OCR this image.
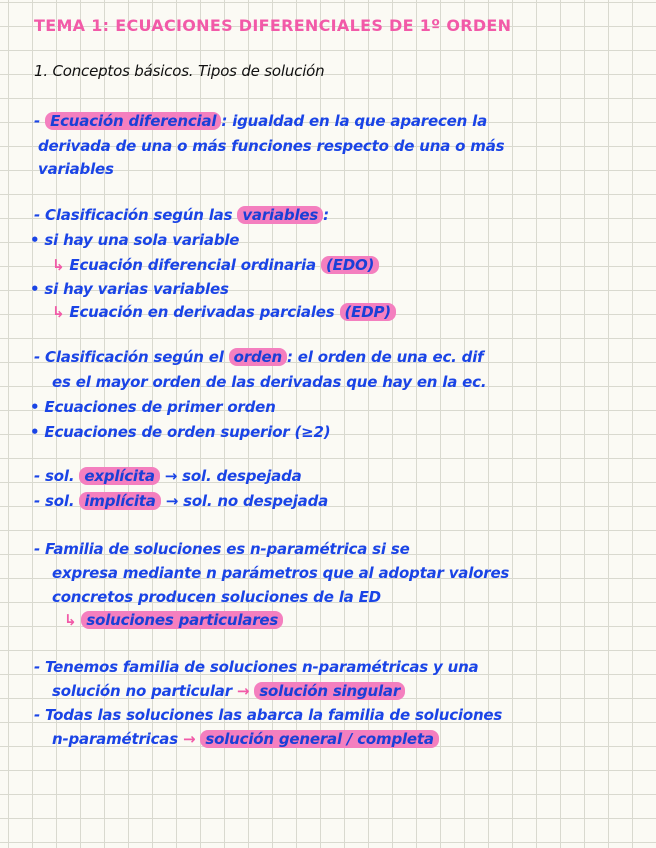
TEMA 1: ECUACIONES DIFERENCIALES DE 1º ORDEN
1. Conceptos básicos. Tipos de solución
- Ecuación diferencial : igualdad en la que aparecen la
derivada de una o más funciones respecto de una o más
variables
- Clasificación según las variables :
• si hay una sola variable
↳ Ecuación diferencial ordinaria (EDO)
• si hay varias variables
↳ Ecuación en derivadas parciales (EDP)
- Clasificación según el orden : el orden de una ec. dif
es el mayor orden de las derivadas que hay en la ec.
• Ecuaciones de primer orden
• Ecuaciones de orden superior (≥2)
- sol. explícita → sol. despejada
- sol. implícita → sol. no despejada
- Familia de soluciones es n-paramétrica si se
expresa mediante n parámetros que al adoptar valores
concretos producen soluciones de la ED
↳ soluciones particulares
- Tenemos familia de soluciones n-paramétricas y una
solución no particular → solución singular
- Todas las soluciones las abarca la familia de soluciones
n-paramétricas → solución general / completa
